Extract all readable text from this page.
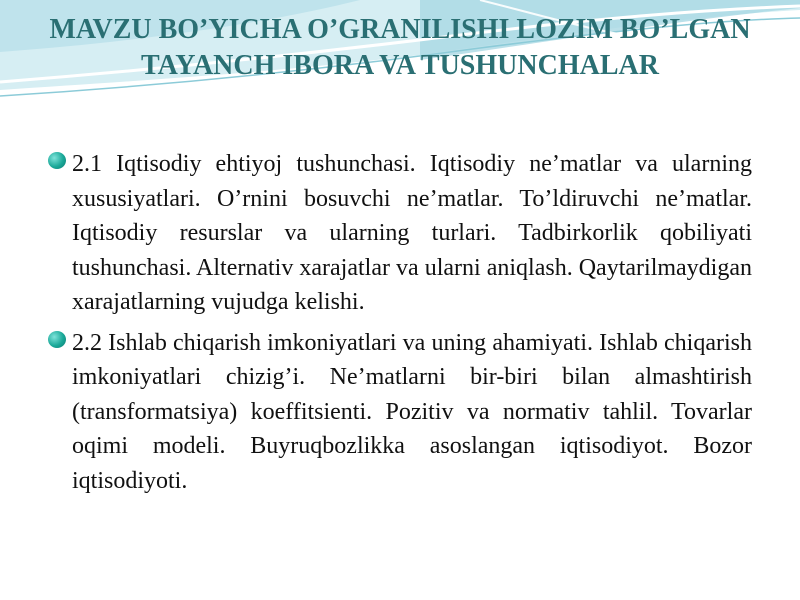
MAVZU BO’YICHA O’GRANILISHI LOZIM BO’LGAN TAYANCH IBORA VA TUSHUNCHALAR

2.1 Iqtisodiy ehtiyoj tushunchasi. Iqtisodiy ne’matlar va ularning xususiyatlari. O’rnini bosuvchi ne’matlar. To’ldiruvchi ne’matlar. Iqtisodiy resurslar va ularning turlari. Tadbirkorlik qobiliyati tushunchasi. Alternativ xarajatlar va ularni aniqlash. Qaytarilmaydigan xarajatlarning vujudga kelishi.

2.2 Ishlab chiqarish imkoniyatlari va uning ahamiyati. Ishlab chiqarish imkoniyatlari chizig’i. Ne’matlarni bir-biri bilan almashtirish (transformatsiya) koeffitsienti. Pozitiv va normativ tahlil. Tovarlar oqimi modeli. Buyruqbozlikka asoslangan iqtisodiyot. Bozor iqtisodiyoti.
